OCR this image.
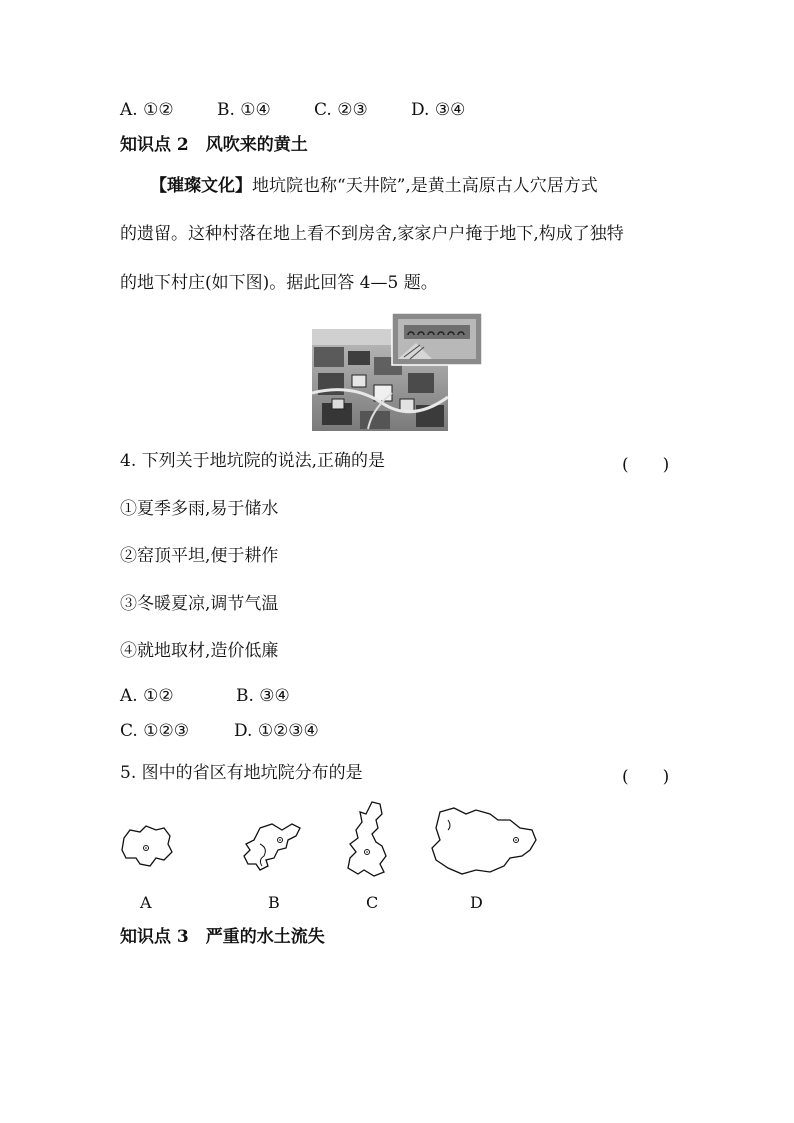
A. ①②	B. ①④	C. ②③	D. ③④
知识点 2　风吹来的黄土
【璀璨文化】地坑院也称“天井院”,是黄土高原古人穴居方式
的遗留。这种村落在地上看不到房舍,家家户户掩于地下,构成了独特
的地下村庄(如下图)。据此回答 4—5 题。
4. 下列关于地坑院的说法,正确的是	(　　)
①夏季多雨,易于储水
②窑顶平坦,便于耕作
③冬暖夏凉,调节气温
④就地取材,造价低廉
A. ①②	B. ③④
C. ①②③	D. ①②③④
5. 图中的省区有地坑院分布的是	(　　)
A	B	C	D
知识点 3　严重的水土流失
